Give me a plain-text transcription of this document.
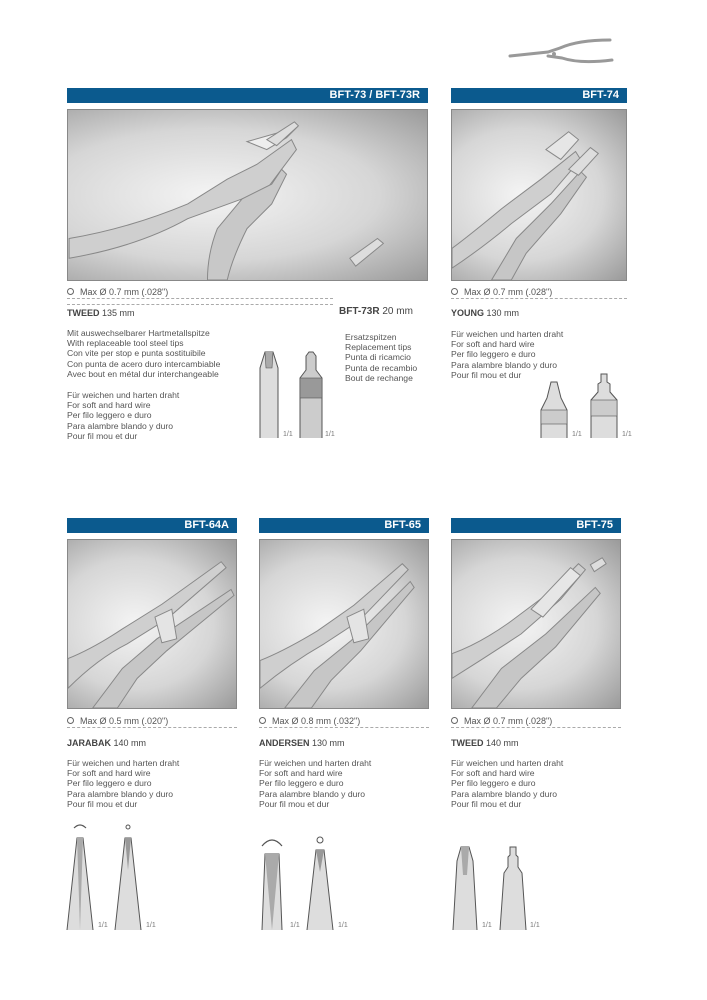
BFT-73 / BFT-73R	BFT-74
Max Ø 0.7 mm (.028")
TWEED 135 mm
Mit auswechselbarer Hartmetallspitze
With replaceable tool steel tips
Con vite per stop e punta sostituibile
Con punta de acero duro intercambiable
Avec bout en métal dur interchangeable
Für weichen und harten draht
For soft and hard wire
Per filo leggero e duro
Para alambre blando y duro
Pour fil mou et dur	1/1	1/1
BFT-73R 20 mm
Ersatzspitzen
Replacement tips
Punta di ricamcio
Punta de recambio
Bout de rechange
Max Ø 0.7 mm (.028")
YOUNG 130 mm
Für weichen und harten draht
For soft and hard wire
Per filo leggero e duro
Para alambre blando y duro
Pour fil mou et dur
1/1	1/1
BFT-64A
Max Ø 0.5 mm (.020")
JARABAK 140 mm
Für weichen und harten draht
For soft and hard wire
Per filo leggero e duro
Para alambre blando y duro
Pour fil mou et dur
1/1	1/1
BFT-65
Max Ø 0.8 mm (.032")
ANDERSEN 130 mm
Für weichen und harten draht
For soft and hard wire
Per filo leggero e duro
Para alambre blando y duro
Pour fil mou et dur
1/1	1/1
BFT-75
Max Ø 0.7 mm (.028")
TWEED 140 mm
Für weichen und harten draht
For soft and hard wire
Per filo leggero e duro
Para alambre blando y duro
Pour fil mou et dur
1/1	1/1
